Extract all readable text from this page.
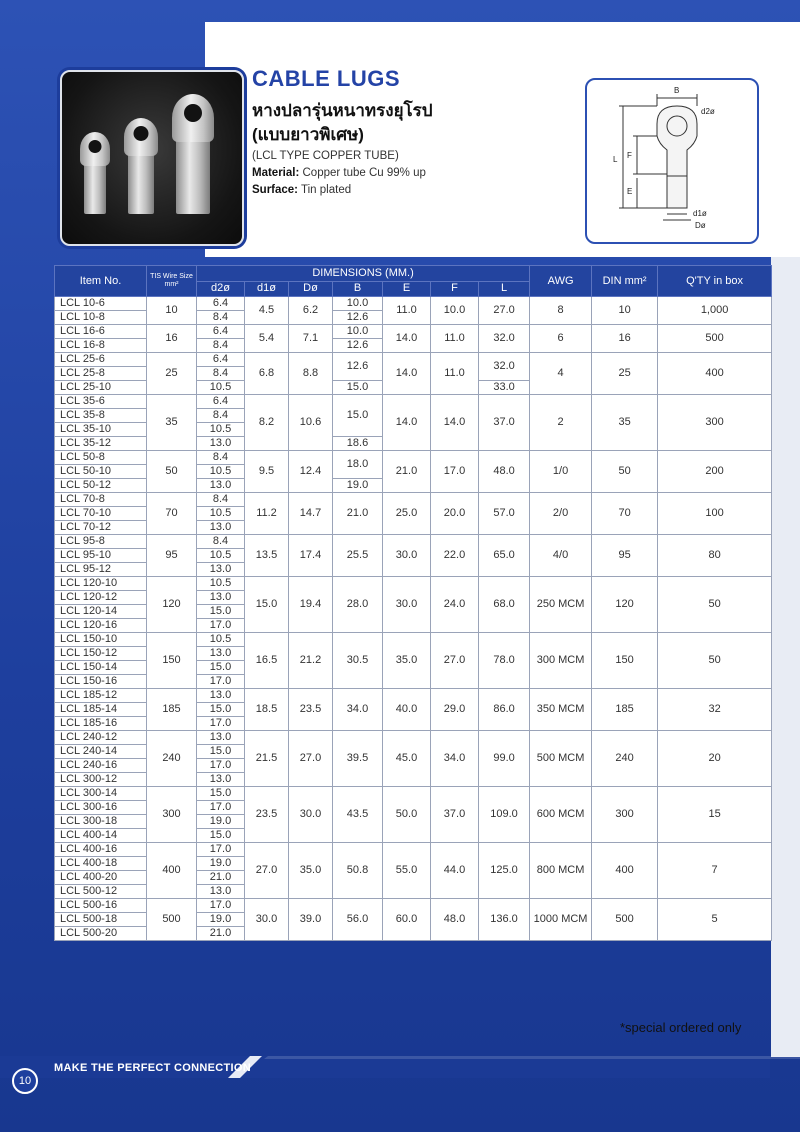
CABLE LUGS
หางปลารุ่นหนาทรงยุโรป
(แบบยาวพิเศษ)
(LCL TYPE COPPER TUBE)
Material: Copper tube Cu 99% up
Surface: Tin plated
B
d2ø
F
L
E
d1ø
Dø
Item No.	TIS Wire Size mm²	DIMENSIONS (MM.)							AWG	DIN mm²	Q'TY in box
		d2ø	d1ø	Dø	B	E	F	L			
LCL 10-6	10	6.4	4.5	6.2	10.0	11.0	10.0	27.0	8	10	1,000
LCL 10-8		8.4			12.6						
LCL 16-6	16	6.4	5.4	7.1	10.0	14.0	11.0	32.0	6	16	500
LCL 16-8		8.4			12.6						
LCL 25-6	25	6.4	6.8	8.8	12.6	14.0	11.0	32.0	4	25	400
LCL 25-8		8.4									
LCL 25-10		10.5			15.0			33.0			
LCL 35-6	35	6.4	8.2	10.6	15.0	14.0	14.0	37.0	2	35	300
LCL 35-8		8.4									
LCL 35-10		10.5									
LCL 35-12		13.0			18.6						
LCL 50-8	50	8.4	9.5	12.4	18.0	21.0	17.0	48.0	1/0	50	200
LCL 50-10		10.5									
LCL 50-12		13.0			19.0						
LCL 70-8	70	8.4	11.2	14.7	21.0	25.0	20.0	57.0	2/0	70	100
LCL 70-10		10.5									
LCL 70-12		13.0									
LCL 95-8	95	8.4	13.5	17.4	25.5	30.0	22.0	65.0	4/0	95	80
LCL 95-10		10.5									
LCL 95-12		13.0									
LCL 120-10	120	10.5	15.0	19.4	28.0	30.0	24.0	68.0	250 MCM	120	50
LCL 120-12		13.0									
LCL 120-14		15.0									
LCL 120-16		17.0									
LCL 150-10	150	10.5	16.5	21.2	30.5	35.0	27.0	78.0	300 MCM	150	50
LCL 150-12		13.0									
LCL 150-14		15.0									
LCL 150-16		17.0									
LCL 185-12	185	13.0	18.5	23.5	34.0	40.0	29.0	86.0	350 MCM	185	32
LCL 185-14		15.0									
LCL 185-16		17.0									
LCL 240-12	240	13.0	21.5	27.0	39.5	45.0	34.0	99.0	500 MCM	240	20
LCL 240-14		15.0									
LCL 240-16		17.0									
LCL 300-12		13.0									
LCL 300-14	300	15.0	23.5	30.0	43.5	50.0	37.0	109.0	600 MCM	300	15
LCL 300-16		17.0									
LCL 300-18		19.0									
LCL 400-14		15.0									
LCL 400-16	400	17.0	27.0	35.0	50.8	55.0	44.0	125.0	800 MCM	400	7
LCL 400-18		19.0									
LCL 400-20		21.0									
LCL 500-12		13.0									
LCL 500-16	500	17.0	30.0	39.0	56.0	60.0	48.0	136.0	1000 MCM	500	5
LCL 500-18		19.0									
LCL 500-20		21.0									
*special ordered only
MAKE THE PERFECT CONNECTION
10
